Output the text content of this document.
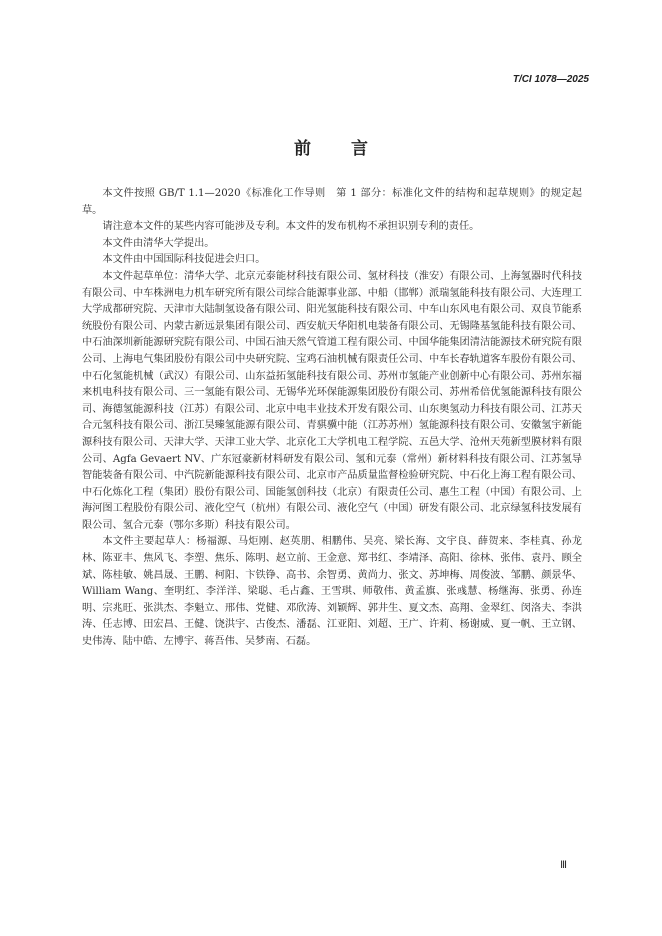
T/CI 1078—2025
前言

本文件按照 GB/T 1.1—2020《标准化工作导则　第 1 部分：标准化文件的结构和起草规则》的规定起草。

请注意本文件的某些内容可能涉及专利。本文件的发布机构不承担识别专利的责任。

本文件由清华大学提出。

本文件由中国国际科技促进会归口。

本文件起草单位：清华大学、北京元泰能材科技有限公司、氢材科技（淮安）有限公司、上海氢器时代科技有限公司、中车株洲电力机车研究所有限公司综合能源事业部、中船（邯郸）派瑞氢能科技有限公司、大连理工大学成都研究院、天津市大陆制氢设备有限公司、阳光氢能科技有限公司、中车山东风电有限公司、双良节能系统股份有限公司、内蒙古新远景集团有限公司、西安航天华阳机电装备有限公司、无锡隆基氢能科技有限公司、中石油深圳新能源研究院有限公司、中国石油天然气管道工程有限公司、中国华能集团清洁能源技术研究院有限公司、上海电气集团股份有限公司中央研究院、宝鸡石油机械有限责任公司、中车长春轨道客车股份有限公司、中石化氢能机械（武汉）有限公司、山东益拓氢能科技有限公司、苏州市氢能产业创新中心有限公司、苏州东福来机电科技有限公司、三一氢能有限公司、无锡华光环保能源集团股份有限公司、苏州希倍优氢能源科技有限公司、海德氢能源科技（江苏）有限公司、北京中电丰业技术开发有限公司、山东奥氢动力科技有限公司、江苏天合元氢科技有限公司、浙江昊臻氢能源有限公司、青骐骥中能（江苏苏州）氢能源科技有限公司、安徽氢宇新能源科技有限公司、天津大学、天津工业大学、北京化工大学机电工程学院、五邑大学、沧州天苑新型膜材料有限公司、Agfa Gevaert NV、广东冠豪新材料研发有限公司、氢和元泰（常州）新材料科技有限公司、江苏氢导智能装备有限公司、中汽院新能源科技有限公司、北京市产品质量监督检验研究院、中石化上海工程有限公司、中石化炼化工程（集团）股份有限公司、国能氢创科技（北京）有限责任公司、惠生工程（中国）有限公司、上海河图工程股份有限公司、液化空气（杭州）有限公司、液化空气（中国）研发有限公司、北京绿氢科技发展有限公司、氢合元泰（鄂尔多斯）科技有限公司。

本文件主要起草人：杨福源、马炬刚、赵英朋、相鹏伟、吴亮、梁长海、文宇良、薛贺来、李桂真、孙龙林、陈亚丰、焦风飞、李塑、焦乐、陈明、赵立前、王金意、郑书红、李靖泽、高阳、徐林、张伟、袁丹、顾全斌、陈桂敏、姚昌晟、王鹏、柯阳、卞铁铮、高书、余智勇、黄尚力、张文、苏坤梅、周俊波、邹鹏、颜景华、William Wang、奎明红、李洋洋、梁聪、毛占鑫、王雪琪、师敬伟、黄孟旗、张彧慧、杨继海、张勇、孙连明、宗兆旺、张洪杰、李魁立、邢伟、党健、邓欣涛、刘颖辉、郭井生、夏文杰、高翔、金翠红、闵洛夫、李洪涛、任志博、田宏昌、王健、饶洪宇、古俊杰、潘磊、江亚阳、刘超、王广、许莉、杨谢威、夏一帆、王立钢、史伟涛、陆中皓、左博宇、蒋吾伟、吴梦南、石磊。

Ⅲ
